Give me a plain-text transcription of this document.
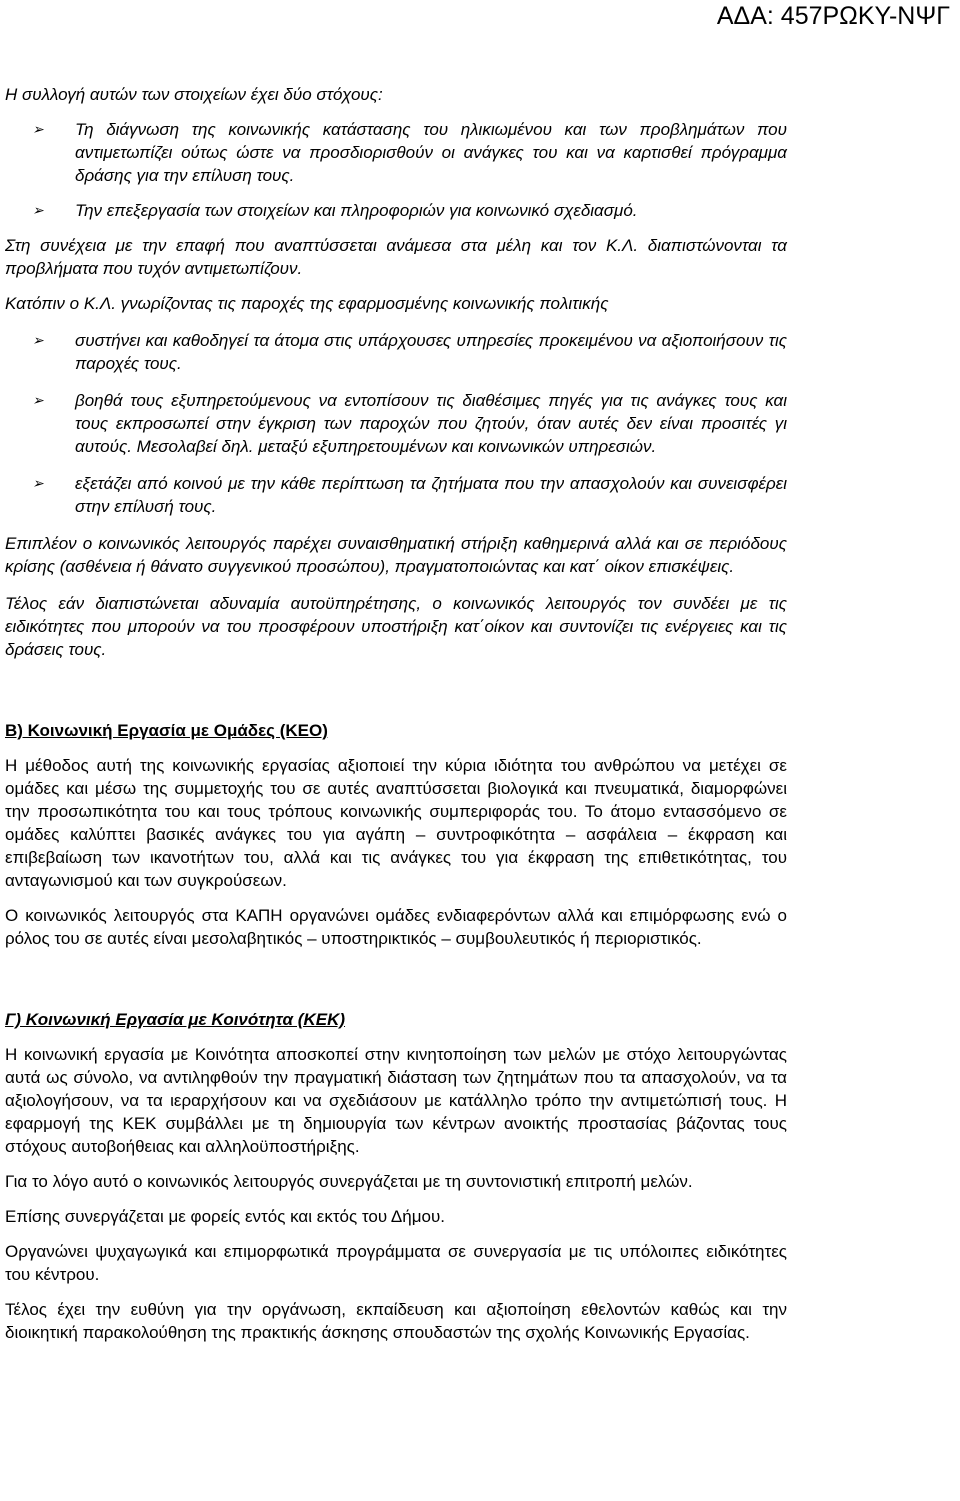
ΑΔΑ: 457ΡΩΚΥ-ΝΨΓ

Η συλλογή αυτών των στοιχείων έχει δύο στόχους:

➢ Τη διάγνωση της κοινωνικής κατάστασης του ηλικιωμένου και των προβλημάτων που αντιμετωπίζει ούτως ώστε να προσδιορισθούν οι ανάγκες του και να καρτισθεί πρόγραμμα δράσης για την επίλυση τους.
➢ Την επεξεργασία των στοιχείων και πληροφοριών για κοινωνικό σχεδιασμό.

Στη συνέχεια με την επαφή που αναπτύσσεται ανάμεσα στα μέλη και τον Κ.Λ. διαπιστώνονται τα προβλήματα που τυχόν αντιμετωπίζουν.

Κατόπιν ο Κ.Λ. γνωρίζοντας τις παροχές της εφαρμοσμένης κοινωνικής πολιτικής

➢ συστήνει και καθοδηγεί τα άτομα στις υπάρχουσες υπηρεσίες προκειμένου να αξιοποιήσουν τις παροχές τους.
➢ βοηθά τους εξυπηρετούμενους να εντοπίσουν τις διαθέσιμες πηγές για τις ανάγκες τους και τους εκπροσωπεί στην έγκριση των παροχών που ζητούν, όταν αυτές δεν είναι προσιτές γι αυτούς. Μεσολαβεί δηλ. μεταξύ εξυπηρετουμένων και κοινωνικών υπηρεσιών.
➢ εξετάζει από κοινού με την κάθε περίπτωση τα ζητήματα που την απασχολούν και συνεισφέρει στην επίλυσή τους.

Επιπλέον ο κοινωνικός λειτουργός παρέχει συναισθηματική στήριξη καθημερινά αλλά και σε περιόδους κρίσης (ασθένεια ή θάνατο συγγενικού προσώπου), πραγματοποιώντας και κατ΄ οίκον επισκέψεις.

Τέλος εάν διαπιστώνεται αδυναμία αυτοϋπηρέτησης, ο κοινωνικός λειτουργός τον συνδέει με τις ειδικότητες που μπορούν να του προσφέρουν υποστήριξη κατ΄οίκον και συντονίζει τις ενέργειες και τις δράσεις τους.

Β) Κοινωνική Εργασία με Ομάδες (ΚΕΟ)

Η μέθοδος αυτή της κοινωνικής εργασίας αξιοποιεί την κύρια ιδιότητα του ανθρώπου να μετέχει σε ομάδες και μέσω της συμμετοχής του σε αυτές αναπτύσσεται βιολογικά και πνευματικά, διαμορφώνει την προσωπικότητα του και τους τρόπους κοινωνικής συμπεριφοράς του. Το άτομο εντασσόμενο σε ομάδες καλύπτει βασικές ανάγκες του για αγάπη – συντροφικότητα – ασφάλεια – έκφραση και επιβεβαίωση των ικανοτήτων του, αλλά και τις ανάγκες του για έκφραση της επιθετικότητας, του ανταγωνισμού και των συγκρούσεων.

Ο κοινωνικός λειτουργός στα ΚΑΠΗ οργανώνει ομάδες ενδιαφερόντων αλλά και επιμόρφωσης ενώ ο ρόλος του σε αυτές είναι μεσολαβητικός – υποστηρικτικός – συμβουλευτικός ή περιοριστικός.

Γ) Κοινωνική Εργασία με Κοινότητα (ΚΕΚ)

Η κοινωνική εργασία με Κοινότητα αποσκοπεί στην κινητοποίηση των μελών με στόχο λειτουργώντας αυτά ως σύνολο, να αντιληφθούν την πραγματική διάσταση των ζητημάτων που τα απασχολούν, να τα αξιολογήσουν, να τα ιεραρχήσουν και να σχεδιάσουν με κατάλληλο τρόπο την αντιμετώπισή τους. Η εφαρμογή της ΚΕΚ συμβάλλει με τη δημιουργία των κέντρων ανοικτής προστασίας βάζοντας τους στόχους αυτοβοήθειας και αλληλοϋποστήριξης.

Για το λόγο αυτό ο κοινωνικός λειτουργός συνεργάζεται με τη συντονιστική επιτροπή μελών.

Επίσης συνεργάζεται με φορείς εντός και εκτός του Δήμου.

Οργανώνει ψυχαγωγικά και επιμορφωτικά προγράμματα σε συνεργασία με τις υπόλοιπες ειδικότητες του κέντρου.

Τέλος έχει την ευθύνη για την οργάνωση, εκπαίδευση και αξιοποίηση εθελοντών καθώς και την διοικητική παρακολούθηση της πρακτικής άσκησης σπουδαστών της σχολής Κοινωνικής Εργασίας.
